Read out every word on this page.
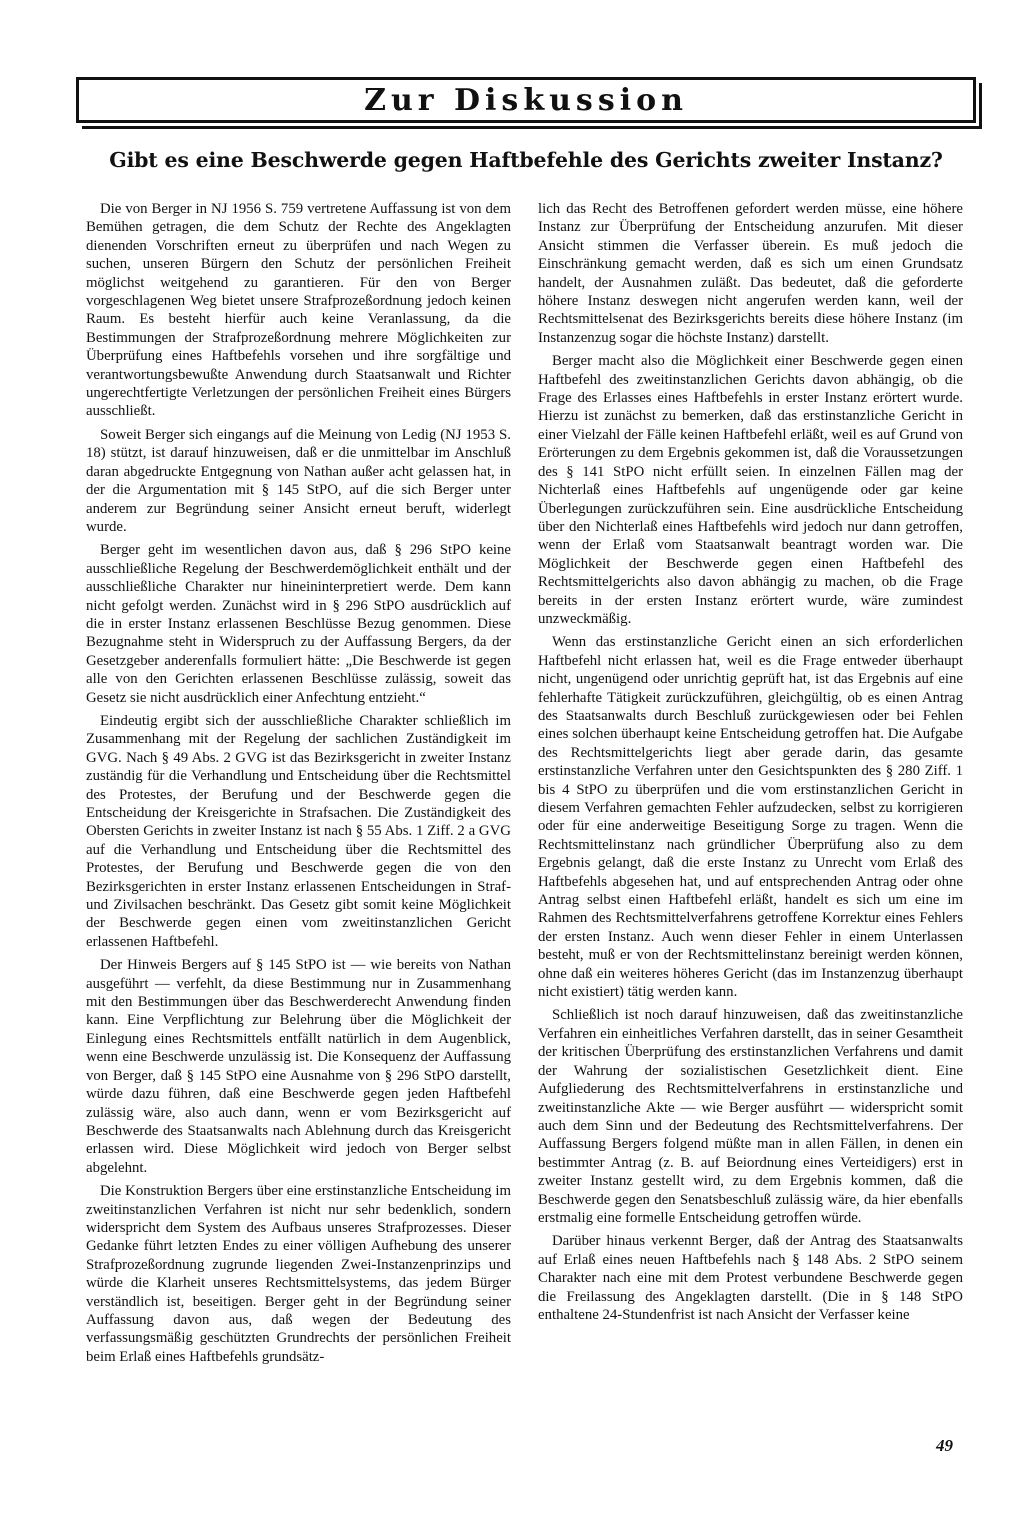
Zur Diskussion
Gibt es eine Beschwerde gegen Haftbefehle des Gerichts zweiter Instanz?

Die von Berger in NJ 1956 S. 759 vertretene Auffassung ist von dem Bemühen getragen, die dem Schutz der Rechte des Angeklagten dienenden Vorschriften erneut zu überprüfen und nach Wegen zu suchen, unseren Bürgern den Schutz der persönlichen Freiheit möglichst weitgehend zu garantieren. Für den von Berger vorgeschlagenen Weg bietet unsere Strafprozeßordnung jedoch keinen Raum. Es besteht hierfür auch keine Veranlassung, da die Bestimmungen der Strafprozeßordnung mehrere Möglichkeiten zur Überprüfung eines Haftbefehls vorsehen und ihre sorgfältige und verantwortungsbewußte Anwendung durch Staatsanwalt und Richter ungerechtfertigte Verletzungen der persönlichen Freiheit eines Bürgers ausschließt.

Soweit Berger sich eingangs auf die Meinung von Ledig (NJ 1953 S. 18) stützt, ist darauf hinzuweisen, daß er die unmittelbar im Anschluß daran abgedruckte Entgegnung von Nathan außer acht gelassen hat, in der die Argumentation mit § 145 StPO, auf die sich Berger unter anderem zur Begründung seiner Ansicht erneut beruft, widerlegt wurde.

Berger geht im wesentlichen davon aus, daß § 296 StPO keine ausschließliche Regelung der Beschwerdemöglichkeit enthält und der ausschließliche Charakter nur hineininterpretiert werde. Dem kann nicht gefolgt werden. Zunächst wird in § 296 StPO ausdrücklich auf die in erster Instanz erlassenen Beschlüsse Bezug genommen. Diese Bezugnahme steht in Widerspruch zu der Auffassung Bergers, da der Gesetzgeber anderenfalls formuliert hätte: „Die Beschwerde ist gegen alle von den Gerichten erlassenen Beschlüsse zulässig, soweit das Gesetz sie nicht ausdrücklich einer Anfechtung entzieht.“

Eindeutig ergibt sich der ausschließliche Charakter schließlich im Zusammenhang mit der Regelung der sachlichen Zuständigkeit im GVG. Nach § 49 Abs. 2 GVG ist das Bezirksgericht in zweiter Instanz zuständig für die Verhandlung und Entscheidung über die Rechtsmittel des Protestes, der Berufung und der Beschwerde gegen die Entscheidung der Kreisgerichte in Strafsachen. Die Zuständigkeit des Obersten Gerichts in zweiter Instanz ist nach § 55 Abs. 1 Ziff. 2 a GVG auf die Verhandlung und Entscheidung über die Rechtsmittel des Protestes, der Berufung und Beschwerde gegen die von den Bezirksgerichten in erster Instanz erlassenen Entscheidungen in Straf- und Zivilsachen beschränkt. Das Gesetz gibt somit keine Möglichkeit der Beschwerde gegen einen vom zweitinstanzlichen Gericht erlassenen Haftbefehl.

Der Hinweis Bergers auf § 145 StPO ist — wie bereits von Nathan ausgeführt — verfehlt, da diese Bestimmung nur in Zusammenhang mit den Bestimmungen über das Beschwerderecht Anwendung finden kann. Eine Verpflichtung zur Belehrung über die Möglichkeit der Einlegung eines Rechtsmittels entfällt natürlich in dem Augenblick, wenn eine Beschwerde unzulässig ist. Die Konsequenz der Auffassung von Berger, daß § 145 StPO eine Ausnahme von § 296 StPO darstellt, würde dazu führen, daß eine Beschwerde gegen jeden Haftbefehl zulässig wäre, also auch dann, wenn er vom Bezirksgericht auf Beschwerde des Staatsanwalts nach Ablehnung durch das Kreisgericht erlassen wird. Diese Möglichkeit wird jedoch von Berger selbst abgelehnt.

Die Konstruktion Bergers über eine erstinstanzliche Entscheidung im zweitinstanzlichen Verfahren ist nicht nur sehr bedenklich, sondern widerspricht dem System des Aufbaus unseres Strafprozesses. Dieser Gedanke führt letzten Endes zu einer völligen Aufhebung des unserer Strafprozeßordnung zugrunde liegenden Zwei-Instanzenprinzips und würde die Klarheit unseres Rechtsmittelsystems, das jedem Bürger verständlich ist, beseitigen. Berger geht in der Begründung seiner Auffassung davon aus, daß wegen der Bedeutung des verfassungsmäßig geschützten Grundrechts der persönlichen Freiheit beim Erlaß eines Haftbefehls grundsätz-

lich das Recht des Betroffenen gefordert werden müsse, eine höhere Instanz zur Überprüfung der Entscheidung anzurufen. Mit dieser Ansicht stimmen die Verfasser überein. Es muß jedoch die Einschränkung gemacht werden, daß es sich um einen Grundsatz handelt, der Ausnahmen zuläßt. Das bedeutet, daß die geforderte höhere Instanz deswegen nicht angerufen werden kann, weil der Rechtsmittelsenat des Bezirksgerichts bereits diese höhere Instanz (im Instanzenzug sogar die höchste Instanz) darstellt.

Berger macht also die Möglichkeit einer Beschwerde gegen einen Haftbefehl des zweitinstanzlichen Gerichts davon abhängig, ob die Frage des Erlasses eines Haftbefehls in erster Instanz erörtert wurde. Hierzu ist zunächst zu bemerken, daß das erstinstanzliche Gericht in einer Vielzahl der Fälle keinen Haftbefehl erläßt, weil es auf Grund von Erörterungen zu dem Ergebnis gekommen ist, daß die Voraussetzungen des § 141 StPO nicht erfüllt seien. In einzelnen Fällen mag der Nichterlaß eines Haftbefehls auf ungenügende oder gar keine Überlegungen zurückzuführen sein. Eine ausdrückliche Entscheidung über den Nichterlaß eines Haftbefehls wird jedoch nur dann getroffen, wenn der Erlaß vom Staatsanwalt beantragt worden war. Die Möglichkeit der Beschwerde gegen einen Haftbefehl des Rechtsmittelgerichts also davon abhängig zu machen, ob die Frage bereits in der ersten Instanz erörtert wurde, wäre zumindest unzweckmäßig.

Wenn das erstinstanzliche Gericht einen an sich erforderlichen Haftbefehl nicht erlassen hat, weil es die Frage entweder überhaupt nicht, ungenügend oder unrichtig geprüft hat, ist das Ergebnis auf eine fehlerhafte Tätigkeit zurückzuführen, gleichgültig, ob es einen Antrag des Staatsanwalts durch Beschluß zurückgewiesen oder bei Fehlen eines solchen überhaupt keine Entscheidung getroffen hat. Die Aufgabe des Rechtsmittelgerichts liegt aber gerade darin, das gesamte erstinstanzliche Verfahren unter den Gesichtspunkten des § 280 Ziff. 1 bis 4 StPO zu überprüfen und die vom erstinstanzlichen Gericht in diesem Verfahren gemachten Fehler aufzudecken, selbst zu korrigieren oder für eine anderweitige Beseitigung Sorge zu tragen. Wenn die Rechtsmittelinstanz nach gründlicher Überprüfung also zu dem Ergebnis gelangt, daß die erste Instanz zu Unrecht vom Erlaß des Haftbefehls abgesehen hat, und auf entsprechenden Antrag oder ohne Antrag selbst einen Haftbefehl erläßt, handelt es sich um eine im Rahmen des Rechtsmittelverfahrens getroffene Korrektur eines Fehlers der ersten Instanz. Auch wenn dieser Fehler in einem Unterlassen besteht, muß er von der Rechtsmittelinstanz bereinigt werden können, ohne daß ein weiteres höheres Gericht (das im Instanzenzug überhaupt nicht existiert) tätig werden kann.

Schließlich ist noch darauf hinzuweisen, daß das zweitinstanzliche Verfahren ein einheitliches Verfahren darstellt, das in seiner Gesamtheit der kritischen Überprüfung des erstinstanzlichen Verfahrens und damit der Wahrung der sozialistischen Gesetzlichkeit dient. Eine Aufgliederung des Rechtsmittelverfahrens in erstinstanzliche und zweitinstanzliche Akte — wie Berger ausführt — widerspricht somit auch dem Sinn und der Bedeutung des Rechtsmittelverfahrens. Der Auffassung Bergers folgend müßte man in allen Fällen, in denen ein bestimmter Antrag (z. B. auf Beiordnung eines Verteidigers) erst in zweiter Instanz gestellt wird, zu dem Ergebnis kommen, daß die Beschwerde gegen den Senatsbeschluß zulässig wäre, da hier ebenfalls erstmalig eine formelle Entscheidung getroffen würde.

Darüber hinaus verkennt Berger, daß der Antrag des Staatsanwalts auf Erlaß eines neuen Haftbefehls nach § 148 Abs. 2 StPO seinem Charakter nach eine mit dem Protest verbundene Beschwerde gegen die Freilassung des Angeklagten darstellt. (Die in § 148 StPO enthaltene 24-Stundenfrist ist nach Ansicht der Verfasser keine

49
